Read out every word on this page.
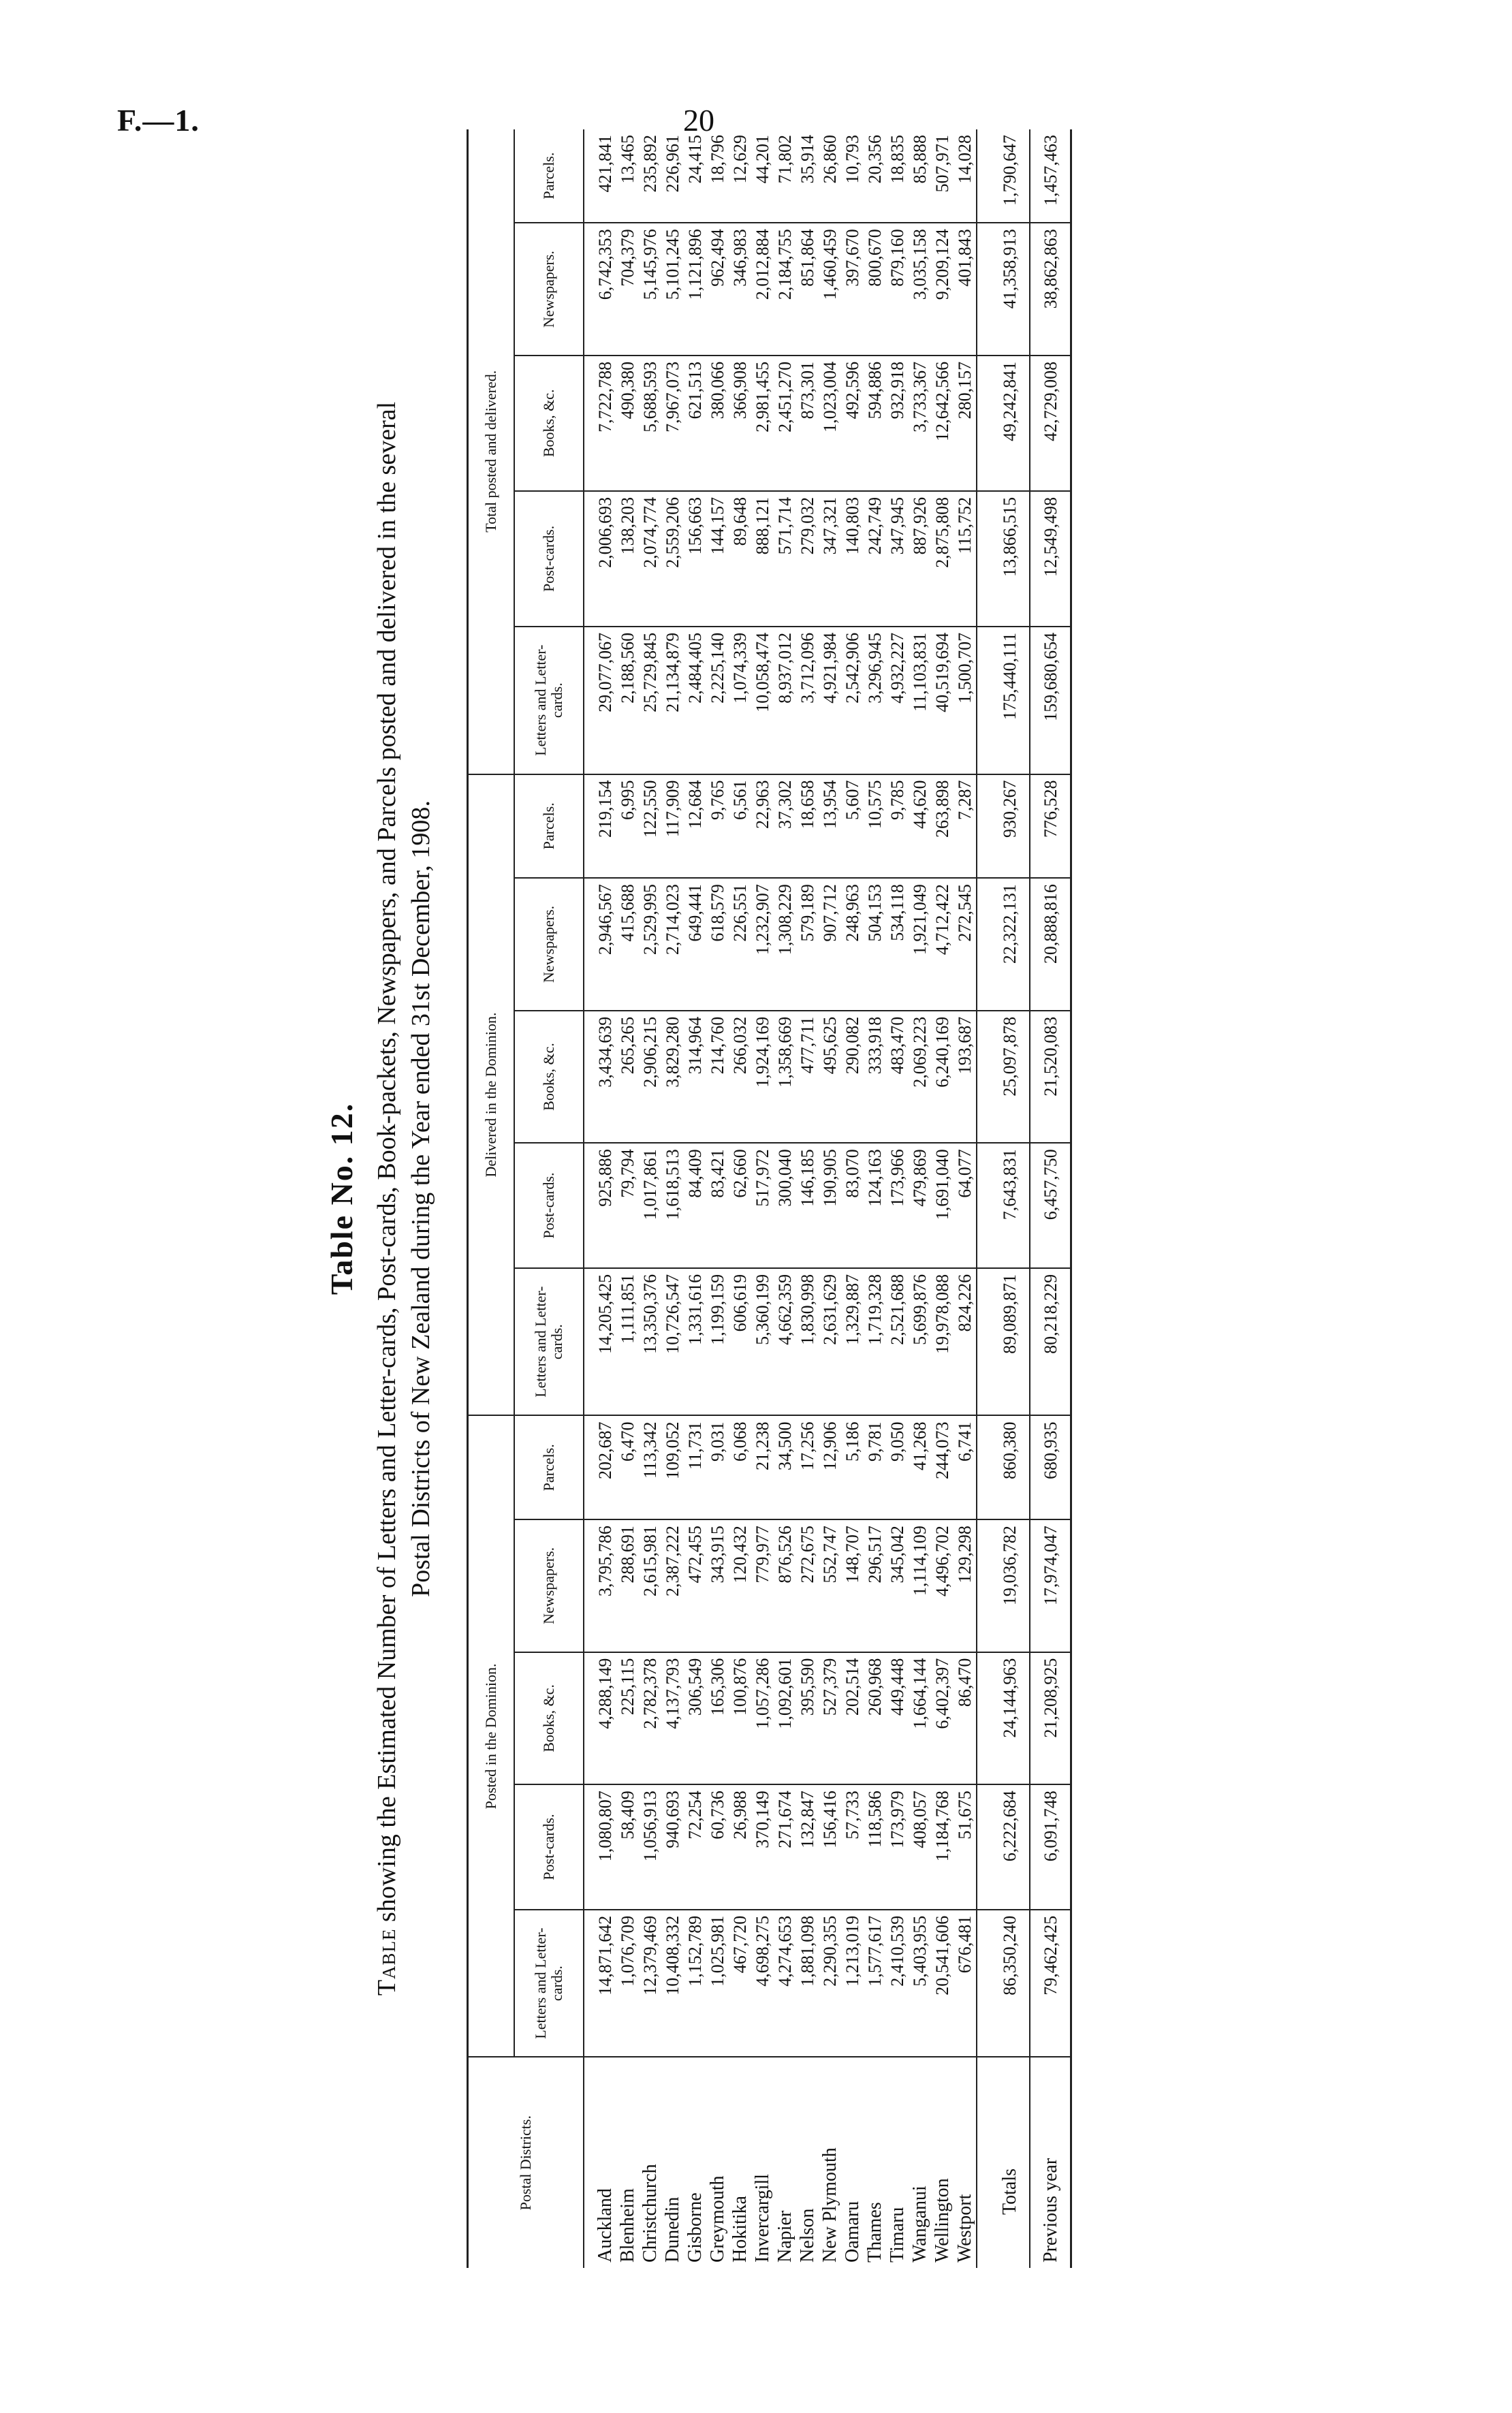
F.—1.	20
Table No. 12.
Table showing the Estimated Number of Letters and Letter-cards, Post-cards, Book-packets, Newspapers, and Parcels posted and delivered in the several Postal Districts of New Zealand during the Year ended 31st December, 1908.
Postal Districts.	Posted in the Dominion.					Delivered in the Dominion.					Total posted and delivered.				
	Letters and Letter-cards.	Post-cards.	Books, &c.	Newspapers.	Parcels.	Letters and Letter-cards.	Post-cards.	Books, &c.	Newspapers.	Parcels.	Letters and Letter-cards.	Post-cards.	Books, &c.	Newspapers.	Parcels.
Auckland	14,871,642	1,080,807	4,288,149	3,795,786	202,687	14,205,425	925,886	3,434,639	2,946,567	219,154	29,077,067	2,006,693	7,722,788	6,742,353	421,841
Blenheim	1,076,709	58,409	225,115	288,691	6,470	1,111,851	79,794	265,265	415,688	6,995	2,188,560	138,203	490,380	704,379	13,465
Christchurch	12,379,469	1,056,913	2,782,378	2,615,981	113,342	13,350,376	1,017,861	2,906,215	2,529,995	122,550	25,729,845	2,074,774	5,688,593	5,145,976	235,892
Dunedin	10,408,332	940,693	4,137,793	2,387,222	109,052	10,726,547	1,618,513	3,829,280	2,714,023	117,909	21,134,879	2,559,206	7,967,073	5,101,245	226,961
Gisborne	1,152,789	72,254	306,549	472,455	11,731	1,331,616	84,409	314,964	649,441	12,684	2,484,405	156,663	621,513	1,121,896	24,415
Greymouth	1,025,981	60,736	165,306	343,915	9,031	1,199,159	83,421	214,760	618,579	9,765	2,225,140	144,157	380,066	962,494	18,796
Hokitika	467,720	26,988	100,876	120,432	6,068	606,619	62,660	266,032	226,551	6,561	1,074,339	89,648	366,908	346,983	12,629
Invercargill	4,698,275	370,149	1,057,286	779,977	21,238	5,360,199	517,972	1,924,169	1,232,907	22,963	10,058,474	888,121	2,981,455	2,012,884	44,201
Napier	4,274,653	271,674	1,092,601	876,526	34,500	4,662,359	300,040	1,358,669	1,308,229	37,302	8,937,012	571,714	2,451,270	2,184,755	71,802
Nelson	1,881,098	132,847	395,590	272,675	17,256	1,830,998	146,185	477,711	579,189	18,658	3,712,096	279,032	873,301	851,864	35,914
New Plymouth	2,290,355	156,416	527,379	552,747	12,906	2,631,629	190,905	495,625	907,712	13,954	4,921,984	347,321	1,023,004	1,460,459	26,860
Oamaru	1,213,019	57,733	202,514	148,707	5,186	1,329,887	83,070	290,082	248,963	5,607	2,542,906	140,803	492,596	397,670	10,793
Thames	1,577,617	118,586	260,968	296,517	9,781	1,719,328	124,163	333,918	504,153	10,575	3,296,945	242,749	594,886	800,670	20,356
Timaru	2,410,539	173,979	449,448	345,042	9,050	2,521,688	173,966	483,470	534,118	9,785	4,932,227	347,945	932,918	879,160	18,835
Wanganui	5,403,955	408,057	1,664,144	1,114,109	41,268	5,699,876	479,869	2,069,223	1,921,049	44,620	11,103,831	887,926	3,733,367	3,035,158	85,888
Wellington	20,541,606	1,184,768	6,402,397	4,496,702	244,073	19,978,088	1,691,040	6,240,169	4,712,422	263,898	40,519,694	2,875,808	12,642,566	9,209,124	507,971
Westport	676,481	51,675	86,470	129,298	6,741	824,226	64,077	193,687	272,545	7,287	1,500,707	115,752	280,157	401,843	14,028
Totals	86,350,240	6,222,684	24,144,963	19,036,782	860,380	89,089,871	7,643,831	25,097,878	22,322,131	930,267	175,440,111	13,866,515	49,242,841	41,358,913	1,790,647
Previous year	79,462,425	6,091,748	21,208,925	17,974,047	680,935	80,218,229	6,457,750	21,520,083	20,888,816	776,528	159,680,654	12,549,498	42,729,008	38,862,863	1,457,463
